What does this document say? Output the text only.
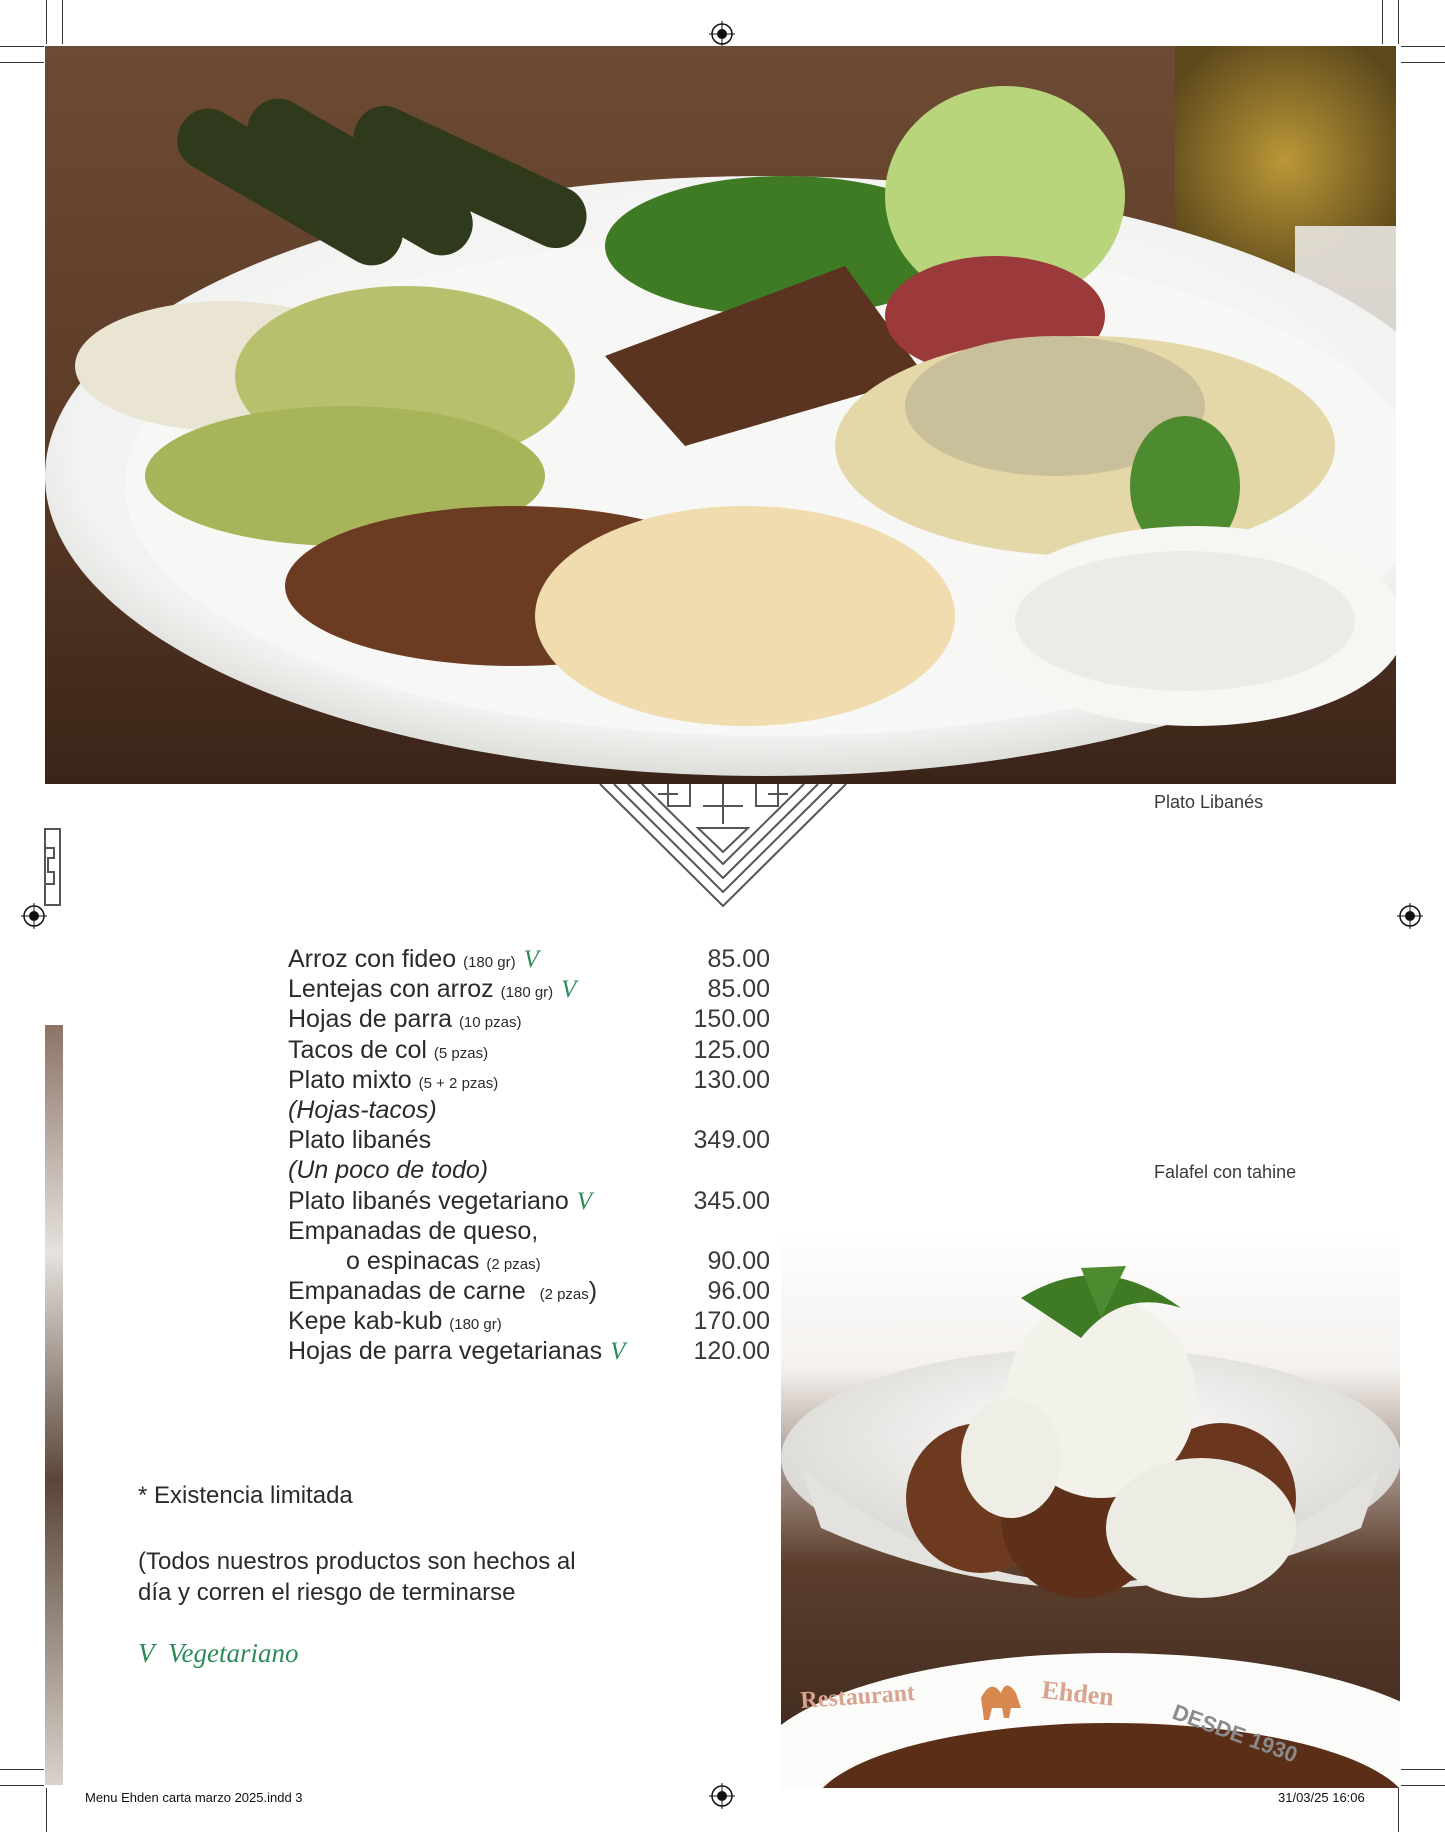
Plato Libanés
Arroz con fideo (180 gr) V	85.00
Lentejas con arroz (180 gr) V	85.00
Hojas de parra (10 pzas)	150.00
Tacos de col (5 pzas)	125.00
Plato mixto (5 + 2 pzas)	130.00
(Hojas-tacos)
Plato libanés	349.00
(Un poco de todo)
Plato libanés vegetariano V	345.00
Empanadas de queso,
o espinacas (2 pzas)	90.00
Empanadas de carne (2 pzas)	96.00
Kepe kab-kub (180 gr)	170.00
Hojas de parra vegetarianas V	120.00
Falafel con tahine
Restaurant	Ehden
DESDE 1930
* Existencia limitada
(Todos nuestros productos son hechos al
día y corren el riesgo de terminarse
V Vegetariano
Menu Ehden carta marzo 2025.indd 3	31/03/25 16:06
